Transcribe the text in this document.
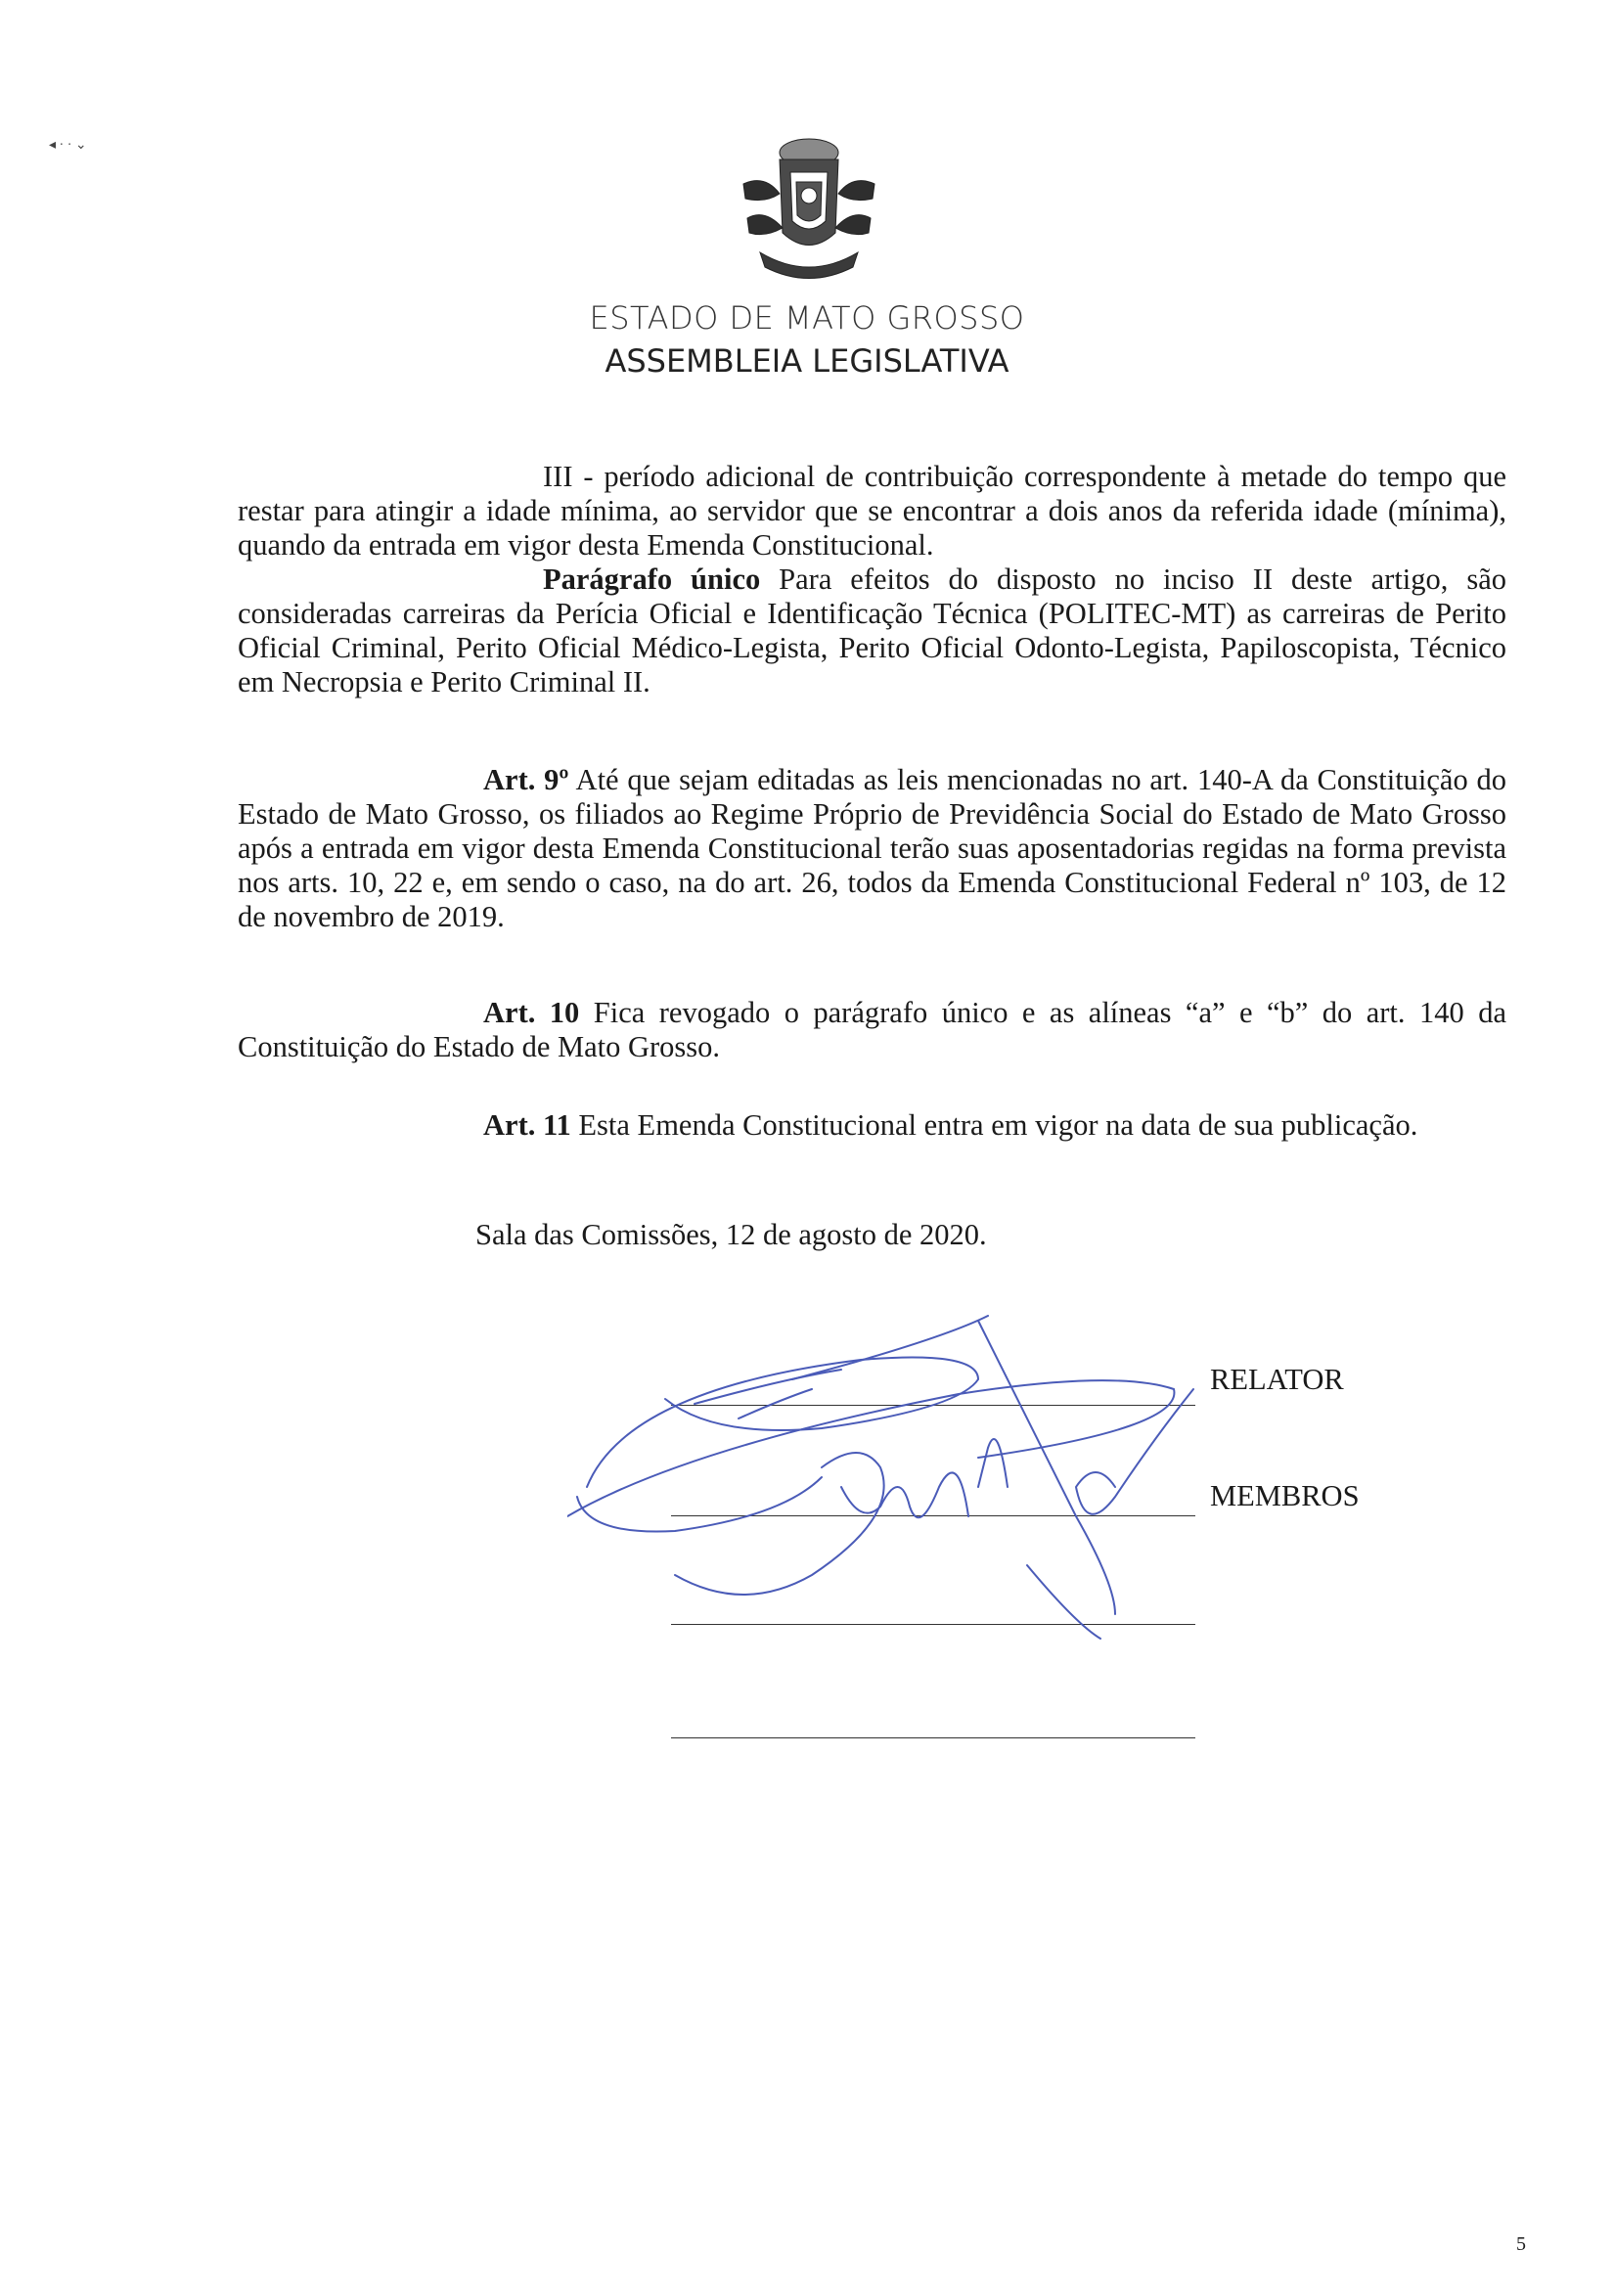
◂ · · ⌄
ESTADO DE MATO GROSSO
ASSEMBLEIA LEGISLATIVA

III - período adicional de contribuição correspondente à metade do tempo que restar para atingir a idade mínima, ao servidor que se encontrar a dois anos da referida idade (mínima), quando da entrada em vigor desta Emenda Constitucional.

Parágrafo único Para efeitos do disposto no inciso II deste artigo, são consideradas carreiras da Perícia Oficial e Identificação Técnica (POLITEC-MT) as carreiras de Perito Oficial Criminal, Perito Oficial Médico-Legista, Perito Oficial Odonto-Legista, Papiloscopista, Técnico em Necropsia e Perito Criminal II.

Art. 9º Até que sejam editadas as leis mencionadas no art. 140-A da Constituição do Estado de Mato Grosso, os filiados ao Regime Próprio de Previdência Social do Estado de Mato Grosso após a entrada em vigor desta Emenda Constitucional terão suas aposentadorias regidas na forma prevista nos arts. 10, 22 e, em sendo o caso, na do art. 26, todos da Emenda Constitucional Federal nº 103, de 12 de novembro de 2019.

Art. 10 Fica revogado o parágrafo único e as alíneas “a” e “b” do art. 140 da Constituição do Estado de Mato Grosso.

Art. 11 Esta Emenda Constitucional entra em vigor na data de sua publicação.

Sala das Comissões, 12 de agosto de 2020.
RELATOR
MEMBROS
5
